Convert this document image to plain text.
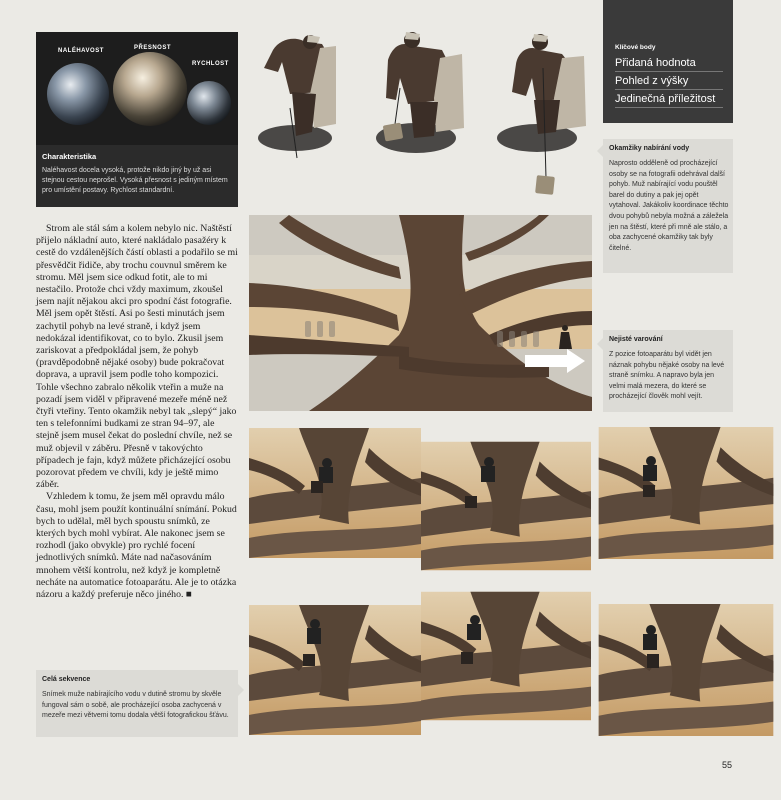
NALÉHAVOST	PŘESNOST
RYCHLOST
Charakteristika
Naléhavost docela vysoká, protože nikdo jiný by už asi stejnou cestou neprošel. Vysoká přesnost s jediným místem pro umístění postavy. Rychlost standardní.
Klíčové body
Přidaná hodnota
Pohled z výšky
Jedinečná příležitost
Okamžiky nabírání vody
Naprosto odděleně od procházející osoby se na fotografii odehrával další pohyb. Muž nabírající vodu pouštěl barel do dutiny a pak jej opět vytahoval. Jakákoliv koordinace těchto dvou pohybů nebyla možná a záležela jen na štěstí, které při mně ale stálo, a oba zachycené okamžiky tak byly čitelné.
Nejisté varování
Z pozice fotoaparátu byl vidět jen náznak pohybu nějaké osoby na levé straně snímku. A napravo byla jen velmi malá mezera, do které se procházející člověk mohl vejít.

Strom ale stál sám a kolem nebylo nic. Naštěstí přijelo nákladní auto, které nakládalo pasažéry k cestě do vzdálenějších částí oblasti a podařilo se mi přesvědčit řidiče, aby trochu couvnul směrem ke stromu. Měl jsem sice odkud fotit, ale to mi nestačilo. Protože chci vždy maximum, zkoušel jsem najít nějakou akci pro spodní část fotografie. Měl jsem opět štěstí. Asi po šesti minutách jsem zachytil pohyb na levé straně, i když jsem nedokázal identifikovat, co to bylo. Zkusil jsem zariskovat a předpokládal jsem, že pohyb (pravděpodobně nějaké osoby) bude pokračovat doprava, a upravil jsem podle toho kompozici. Tohle všechno zabralo několik vteřin a muže na pozadí jsem viděl v připravené mezeře méně než čtyři vteřiny. Tento okamžik nebyl tak „slepý“ jako ten s telefonními budkami ze stran 94–97, ale stejně jsem musel čekat do poslední chvíle, než se muž objevil v záběru. Přesně v takovýchto případech je fajn, když můžete přicházející osobu pozorovat předem ve chvíli, kdy je ještě mimo záběr.

Vzhledem k tomu, že jsem měl opravdu málo času, mohl jsem použít kontinuální snímání. Pokud bych to udělal, měl bych spoustu snímků, ze kterých bych mohl vybírat. Ale nakonec jsem se rozhodl (jako obvykle) pro rychlé focení jednotlivých snímků. Máte nad načasováním mnohem větší kontrolu, než když je kompletně necháte na automatice fotoaparátu. Ale je to otázka názoru a každý preferuje něco jiného. ■

Celá sekvence
Snímek muže nabírajícího vodu v dutině stromu by skvěle fungoval sám o sobě, ale procházející osoba zachycená v mezeře mezi větvemi tomu dodala větší fotografickou šťávu.
55
